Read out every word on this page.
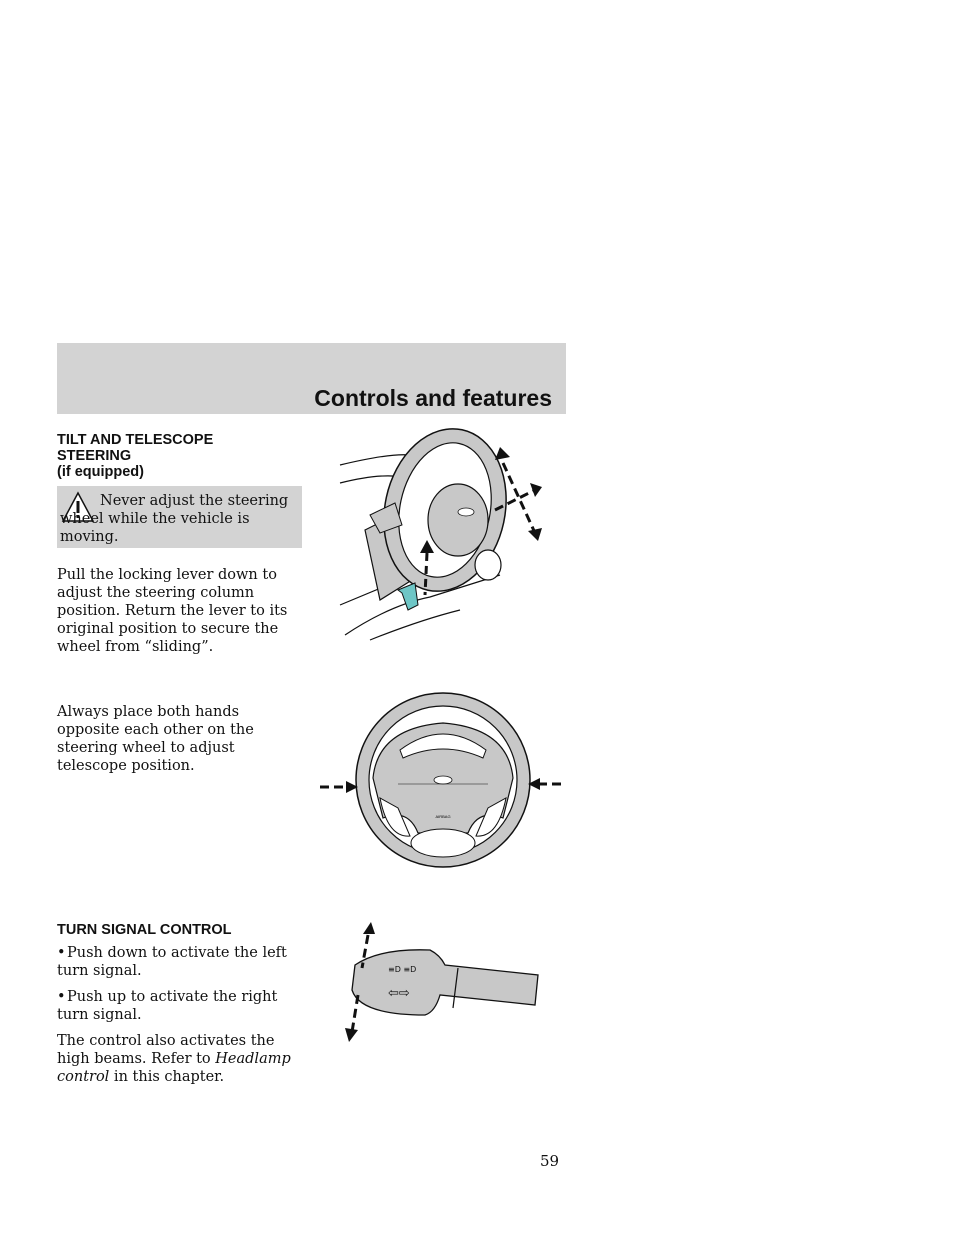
Controls and features
TILT AND TELESCOPE
STEERING
(if equipped)
Never adjust the steering wheel while the vehicle is moving.

Pull the locking lever down to adjust the steering column position. Return the lever to its original position to secure the wheel from “sliding”.

Always place both hands opposite each other on the steering wheel to adjust telescope position.

TURN SIGNAL CONTROL
• Push down to activate the left turn signal.
• Push up to activate the right turn signal.

The control also activates the high beams. Refer to Headlamp control in this chapter.

AIRBAG
⇦⇨
≡D ≡D
59
